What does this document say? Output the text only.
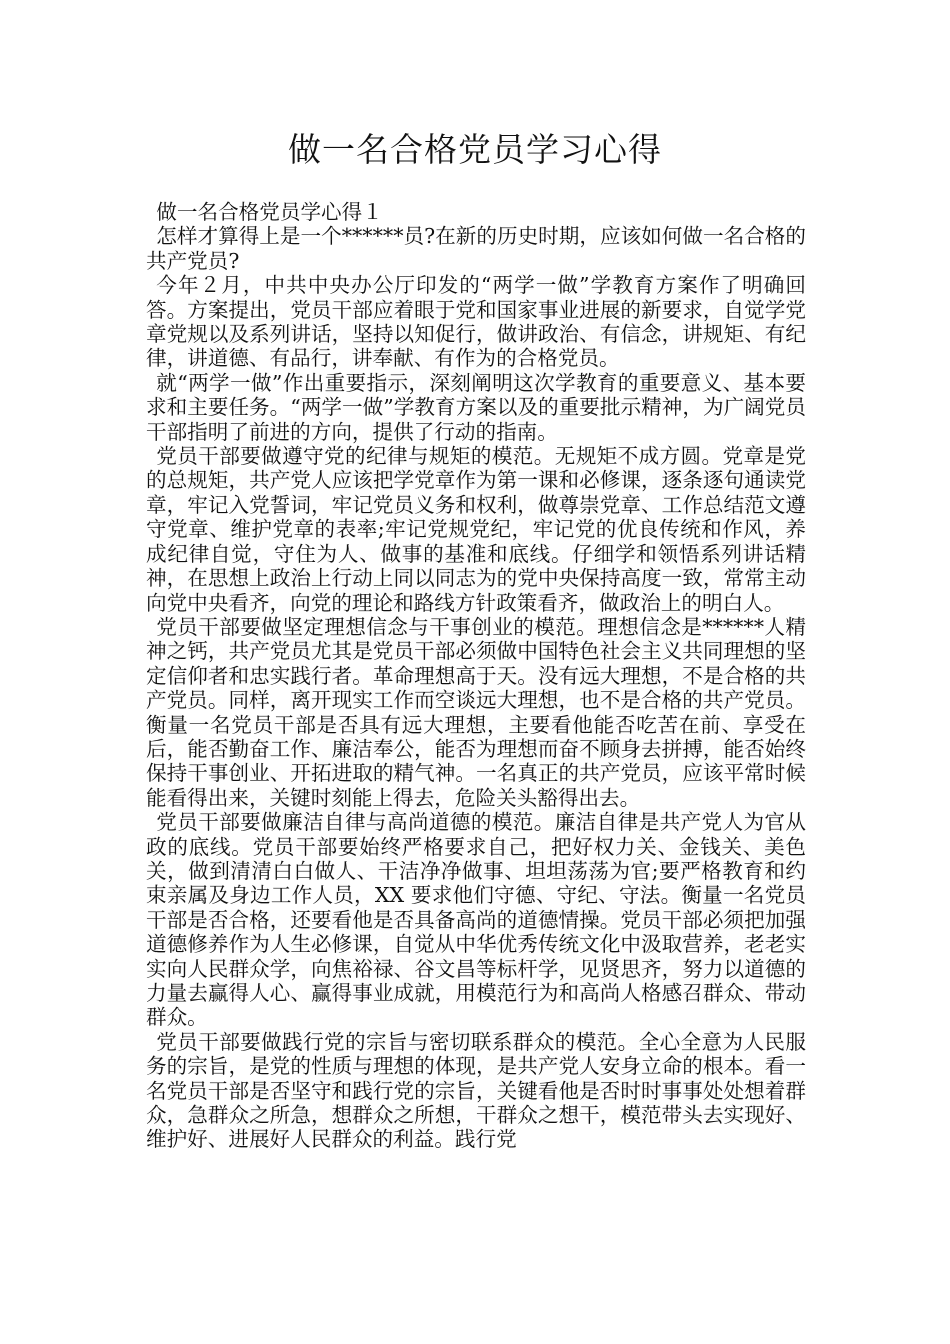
做一名合格党员学习心得

做一名合格党员学心得１

怎样才算得上是一个******员?在新的历史时期，应该如何做一名合格的共产党员?

今年２月，中共中央办公厅印发的“两学一做”学教育方案作了明确回答。方案提出，党员干部应着眼于党和国家事业进展的新要求，自觉学党章党规以及系列讲话，坚持以知促行，做讲政治、有信念，讲规矩、有纪律，讲道德、有品行，讲奉献、有作为的合格党员。

就“两学一做”作出重要指示，深刻阐明这次学教育的重要意义、基本要求和主要任务。“两学一做”学教育方案以及的重要批示精神，为广阔党员干部指明了前进的方向，提供了行动的指南。

党员干部要做遵守党的纪律与规矩的模范。无规矩不成方圆。党章是党的总规矩，共产党人应该把学党章作为第一课和必修课，逐条逐句通读党章，牢记入党誓词，牢记党员义务和权利，做尊崇党章、工作总结范文遵守党章、维护党章的表率;牢记党规党纪，牢记党的优良传统和作风，养成纪律自觉，守住为人、做事的基准和底线。仔细学和领悟系列讲话精神，在思想上政治上行动上同以同志为的党中央保持高度一致，常常主动向党中央看齐，向党的理论和路线方针政策看齐，做政治上的明白人。

党员干部要做坚定理想信念与干事创业的模范。理想信念是******人精神之钙，共产党员尤其是党员干部必须做中国特色社会主义共同理想的坚定信仰者和忠实践行者。革命理想高于天。没有远大理想，不是合格的共产党员。同样，离开现实工作而空谈远大理想，也不是合格的共产党员。衡量一名党员干部是否具有远大理想，主要看他能否吃苦在前、享受在后，能否勤奋工作、廉洁奉公，能否为理想而奋不顾身去拼搏，能否始终保持干事创业、开拓进取的精气神。一名真正的共产党员，应该平常时候能看得出来，关键时刻能上得去，危险关头豁得出去。

党员干部要做廉洁自律与高尚道德的模范。廉洁自律是共产党人为官从政的底线。党员干部要始终严格要求自己，把好权力关、金钱关、美色关，做到清清白白做人、干洁净净做事、坦坦荡荡为官;要严格教育和约束亲属及身边工作人员，XX 要求他们守德、守纪、守法。衡量一名党员干部是否合格，还要看他是否具备高尚的道德情操。党员干部必须把加强道德修养作为人生必修课，自觉从中华优秀传统文化中汲取营养，老老实实向人民群众学，向焦裕禄、谷文昌等标杆学，见贤思齐，努力以道德的力量去赢得人心、赢得事业成就，用模范行为和高尚人格感召群众、带动群众。

党员干部要做践行党的宗旨与密切联系群众的模范。全心全意为人民服务的宗旨，是党的性质与理想的体现，是共产党人安身立命的根本。看一名党员干部是否坚守和践行党的宗旨，关键看他是否时时事事处处想着群众，急群众之所急，想群众之所想，干群众之想干，模范带头去实现好、维护好、进展好人民群众的利益。践行党
